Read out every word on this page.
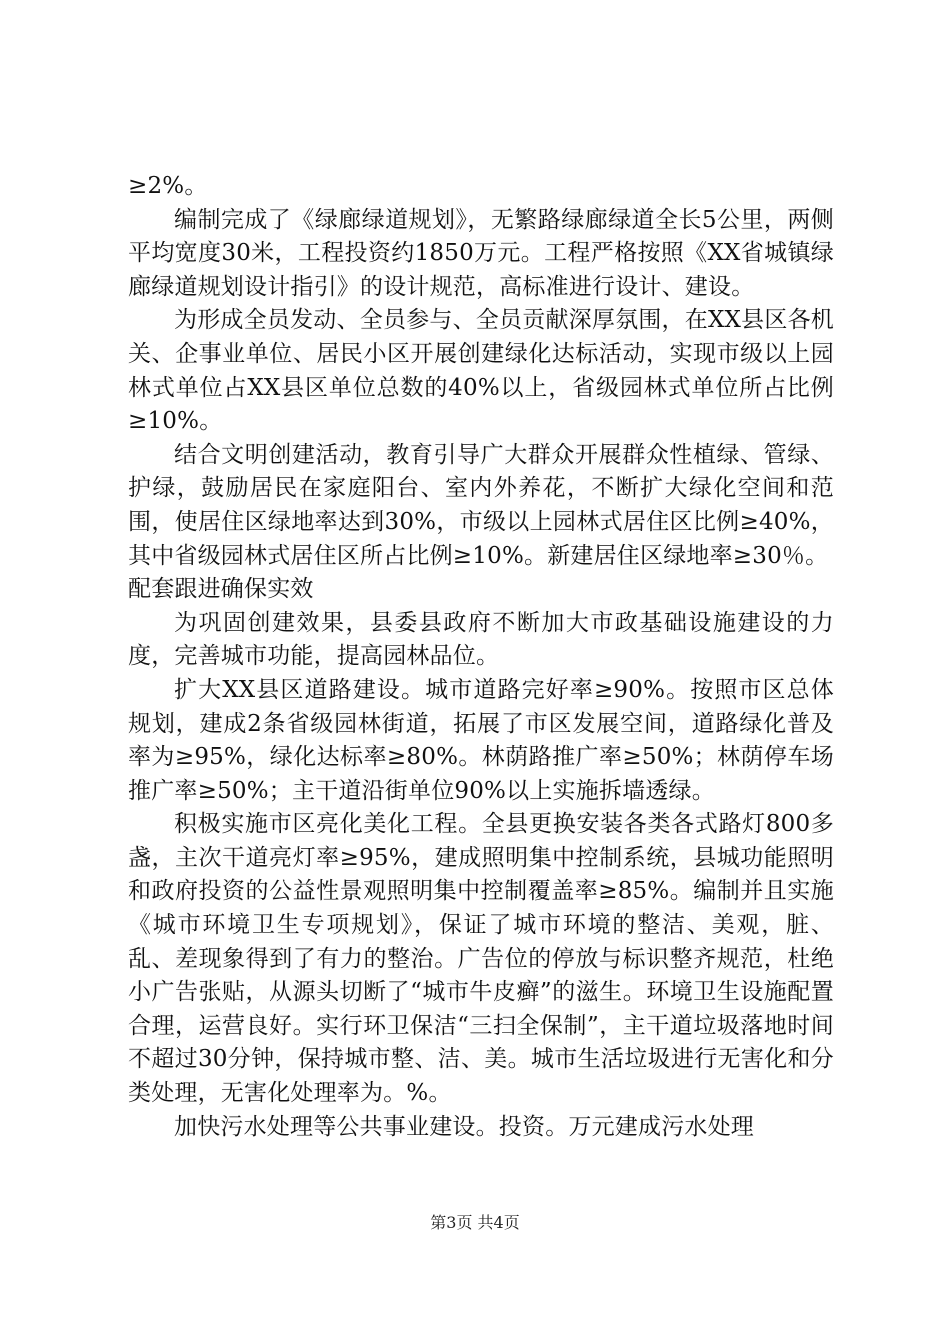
≥2%。

编制完成了《绿廊绿道规划》，无繁路绿廊绿道全长5公里，两侧平均宽度30米，工程投资约1850万元。工程严格按照《XX省城镇绿廊绿道规划设计指引》的设计规范，高标准进行设计、建设。

为形成全员发动、全员参与、全员贡献深厚氛围，在XX县区各机关、企事业单位、居民小区开展创建绿化达标活动，实现市级以上园林式单位占XX县区单位总数的40%以上，省级园林式单位所占比例≥10%。

结合文明创建活动，教育引导广大群众开展群众性植绿、管绿、护绿，鼓励居民在家庭阳台、室内外养花，不断扩大绿化空间和范围，使居住区绿地率达到30%，市级以上园林式居住区比例≥40%，其中省级园林式居住区所占比例≥10%。新建居住区绿地率≥30％。

配套跟进确保实效

为巩固创建效果，县委县政府不断加大市政基础设施建设的力度，完善城市功能，提高园林品位。

扩大XX县区道路建设。城市道路完好率≥90%。按照市区总体规划，建成2条省级园林街道，拓展了市区发展空间，道路绿化普及率为≥95%，绿化达标率≥80%。林荫路推广率≥50%；林荫停车场推广率≥50%；主干道沿街单位90%以上实施拆墙透绿。

积极实施市区亮化美化工程。全县更换安装各类各式路灯800多盏，主次干道亮灯率≥95%，建成照明集中控制系统，县城功能照明和政府投资的公益性景观照明集中控制覆盖率≥85%。编制并且实施《城市环境卫生专项规划》，保证了城市环境的整洁、美观，脏、乱、差现象得到了有力的整治。广告位的停放与标识整齐规范，杜绝小广告张贴，从源头切断了“城市牛皮癣”的滋生。环境卫生设施配置合理，运营良好。实行环卫保洁“三扫全保制”，主干道垃圾落地时间不超过30分钟，保持城市整、洁、美。城市生活垃圾进行无害化和分类处理，无害化处理率为。%。

加快污水处理等公共事业建设。投资。万元建成污水处理

第3页 共4页
